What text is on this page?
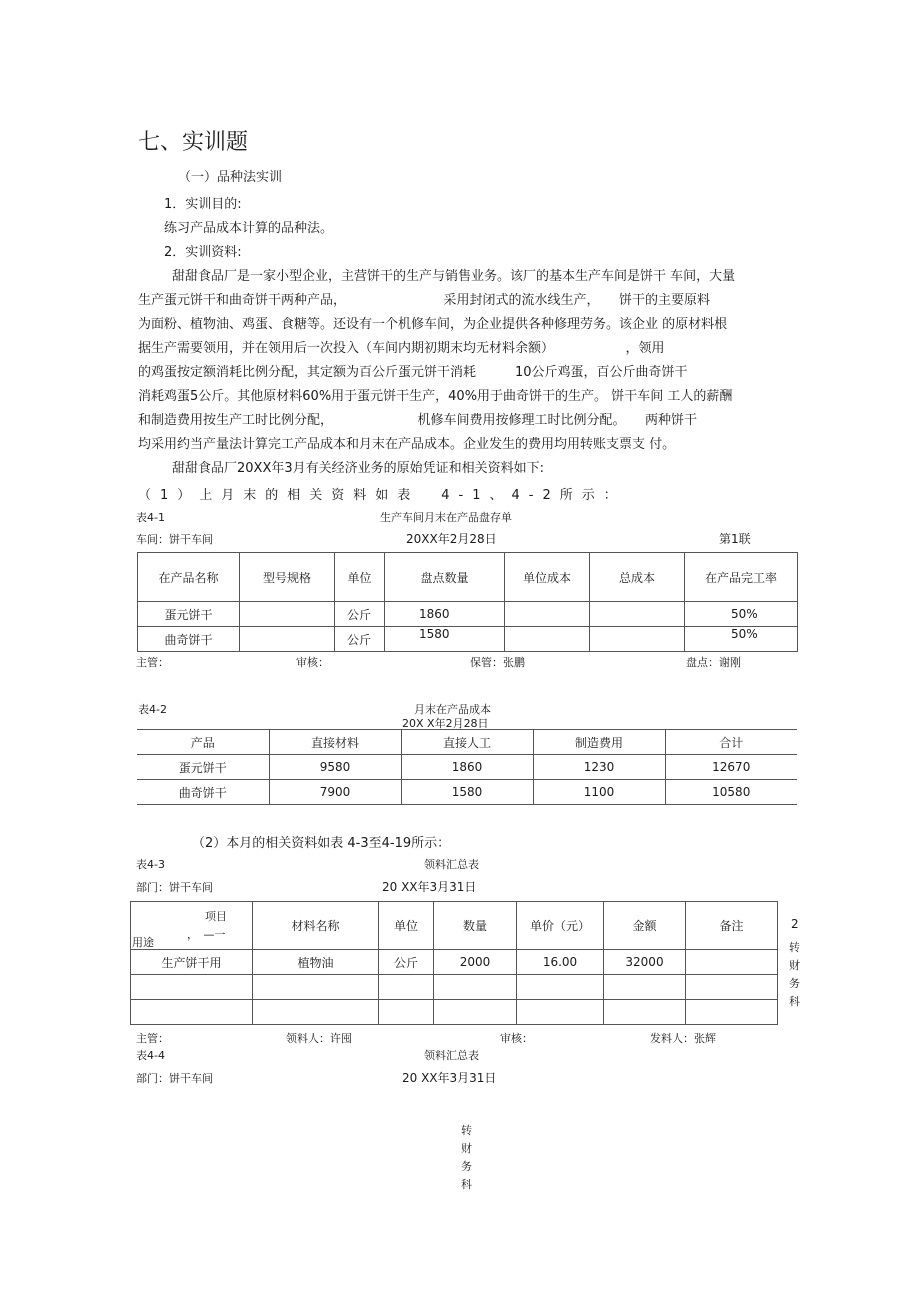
七、实训题
（一）品种法实训
1．实训目的:
练习产品成本计算的品种法。
2．实训资料:
甜甜食品厂是一家小型企业，主营饼干的生产与销售业务。该厂的基本生产车间是饼干 车间，大量
生产蛋元饼干和曲奇饼干两种产品，　　　　　　　　采用封闭式的流水线生产，　　饼干的主要原料
为面粉、植物油、鸡蛋、食糖等。还设有一个机修车间，为企业提供各种修理劳务。该企业 的原材料根
据生产需要领用，并在领用后一次投入（车间内期初期末均无材料余额）　　　　　　，领用
的鸡蛋按定额消耗比例分配，其定额为百公斤蛋元饼干消耗　　　10公斤鸡蛋，百公斤曲奇饼干
消耗鸡蛋5公斤。其他原材料60%用于蛋元饼干生产，40%用于曲奇饼干的生产。 饼干车间 工人的薪酬
和制造费用按生产工时比例分配，　　　　　　　机修车间费用按修理工时比例分配。　　两种饼干
均采用约当产量法计算完工产品成本和月末在产品成本。企业发生的费用均用转账支票支 付。
甜甜食品厂20XX年3月有关经济业务的原始凭证和相关资料如下:
（1）上月末的相关资料如表　4-1、4-2所示：
表4-1	生产车间月末在产品盘存单
车间：饼干车间	20XX年2月28日	第1联
在产品名称	型号规格	单位	盘点数量	单位成本	总成本	在产品完工率
蛋元饼干		公斤	1860			50%
曲奇饼干		公斤	1580			50%
主管：	审核：	保管：张鹏	盘点：谢刚
表4-2	月末在产品成本
20X X年2月28日
产品	直接材料	直接人工	制造费用	合计
蛋元饼干	9580	1860	1230	12670
曲奇饼干	7900	1580	1100	10580
（2）本月的相关资料如表 4-3至4-19所示：
表4-3	领料汇总表
部门：饼干车间	20 XX年3月31日
项目
，　—一
用途	材料名称	单位	数量	单价（元）	金额	备注
生产饼干用	植物油	公斤	2000	16.00	32000	

2
转
财
务
科
主管：	领料人：许囤	审核：	发料人：张辉
表4-4	领料汇总表
部门：饼干车间	20 XX年3月31日
转
财
务
科
